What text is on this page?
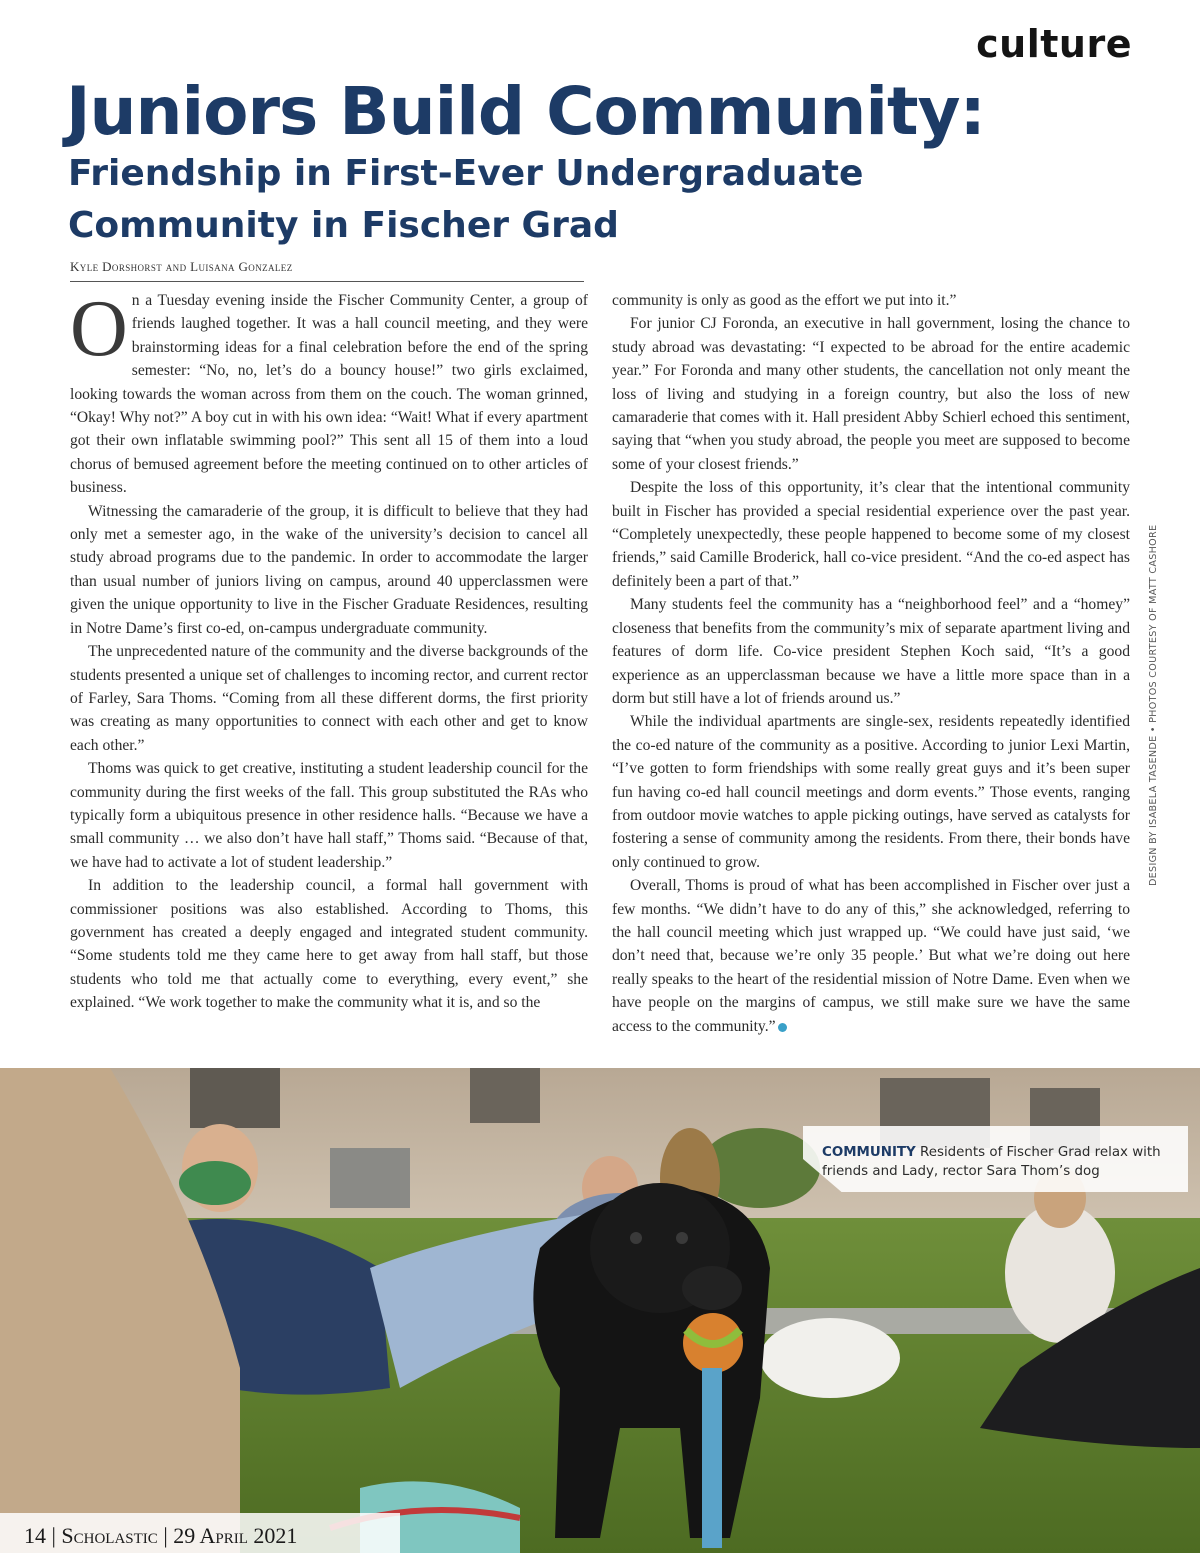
culture
Juniors Build Community:
Friendship in First-Ever Undergraduate
Community in Fischer Grad
Kyle Dorshorst and Luisana Gonzalez

On a Tuesday evening inside the Fischer Community Center, a group of friends laughed together. It was a hall council meeting, and they were brainstorming ideas for a final celebration before the end of the spring semester: “No, no, let’s do a bouncy house!” two girls exclaimed, looking towards the woman across from them on the couch. The woman grinned, “Okay! Why not?” A boy cut in with his own idea: “Wait! What if every apartment got their own inflatable swimming pool?” This sent all 15 of them into a loud chorus of bemused agreement before the meeting continued on to other articles of business.

Witnessing the camaraderie of the group, it is difficult to believe that they had only met a semester ago, in the wake of the university’s decision to cancel all study abroad programs due to the pandemic. In order to accommodate the larger than usual number of juniors living on campus, around 40 upperclassmen were given the unique opportunity to live in the Fischer Graduate Residences, resulting in Notre Dame’s first co-ed, on-campus undergraduate community.

The unprecedented nature of the community and the diverse backgrounds of the students presented a unique set of challenges to incoming rector, and current rector of Farley, Sara Thoms. “Coming from all these different dorms, the first priority was creating as many opportunities to connect with each other and get to know each other.”

Thoms was quick to get creative, instituting a student leadership council for the community during the first weeks of the fall. This group substituted the RAs who typically form a ubiquitous presence in other residence halls. “Because we have a small community … we also don’t have hall staff,” Thoms said. “Because of that, we have had to activate a lot of student leadership.”

In addition to the leadership council, a formal hall government with commissioner positions was also established. According to Thoms, this government has created a deeply engaged and integrated student community. “Some students told me they came here to get away from hall staff, but those students who told me that actually come to everything, every event,” she explained. “We work together to make the community what it is, and so the

community is only as good as the effort we put into it.”

For junior CJ Foronda, an executive in hall government, losing the chance to study abroad was devastating: “I expected to be abroad for the entire academic year.” For Foronda and many other students, the cancellation not only meant the loss of living and studying in a foreign country, but also the loss of new camaraderie that comes with it. Hall president Abby Schierl echoed this sentiment, saying that “when you study abroad, the people you meet are supposed to become some of your closest friends.”

Despite the loss of this opportunity, it’s clear that the intentional community built in Fischer has provided a special residential experience over the past year. “Completely unexpectedly, these people happened to become some of my closest friends,” said Camille Broderick, hall co-vice president. “And the co-ed aspect has definitely been a part of that.”

Many students feel the community has a “neighborhood feel” and a “homey” closeness that benefits from the community’s mix of separate apartment living and features of dorm life. Co-vice president Stephen Koch said, “It’s a good experience as an upperclassman because we have a little more space than in a dorm but still have a lot of friends around us.”

While the individual apartments are single-sex, residents repeatedly identified the co-ed nature of the community as a positive. According to junior Lexi Martin, “I’ve gotten to form friendships with some really great guys and it’s been super fun having co-ed hall council meetings and dorm events.” Those events, ranging from outdoor movie watches to apple picking outings, have served as catalysts for fostering a sense of community among the residents. From there, their bonds have only continued to grow.

Overall, Thoms is proud of what has been accomplished in Fischer over just a few months. “We didn’t have to do any of this,” she acknowledged, referring to the hall council meeting which just wrapped up. “We could have just said, ‘we don’t need that, because we’re only 35 people.’ But what we’re doing out here really speaks to the heart of the residential mission of Notre Dame. Even when we have people on the margins of campus, we still make sure we have the same access to the community.”

DESIGN BY ISABELA TASENDE • PHOTOS COURTESY OF MATT CASHORE
COMMUNITY Residents of Fischer Grad relax with friends and Lady, rector Sara Thom’s dog
14 | Scholastic | 29 April 2021
